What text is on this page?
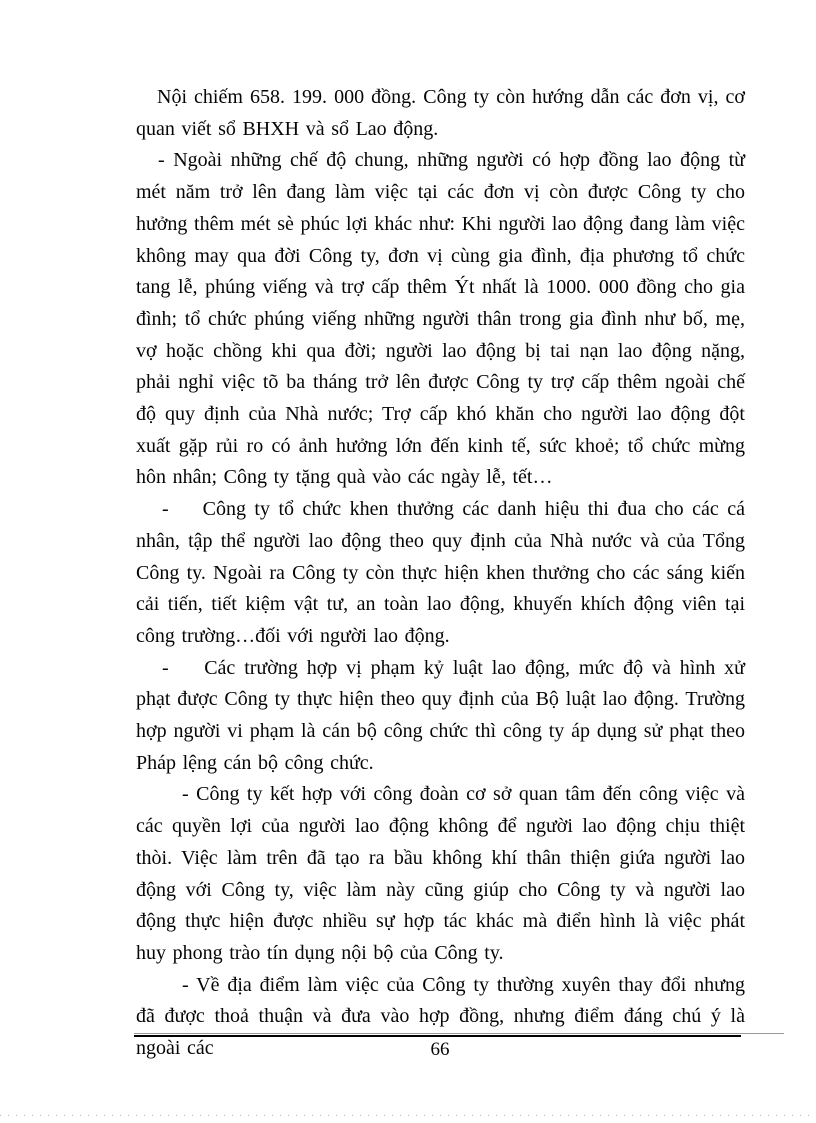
Nội chiếm 658. 199. 000 đồng. Công ty còn hướng dẫn các đơn vị, cơ quan viết sổ BHXH và sổ Lao động.

- Ngoài những chế độ chung, những người có hợp đồng lao động từ mét năm trở lên đang làm việc tại các đơn vị còn được Công ty cho hưởng thêm mét sè phúc lợi khác như: Khi người lao động đang làm việc không may qua đời Công ty, đơn vị cùng gia đình, địa phương tổ chức tang lễ, phúng viếng và trợ cấp thêm Ýt nhất là 1000. 000 đồng cho gia đình; tổ chức phúng viếng những người thân trong gia đình như bố, mẹ, vợ hoặc chồng khi qua đời; người lao động bị tai nạn lao động nặng, phải nghỉ việc tõ ba tháng trở lên được Công ty trợ cấp thêm ngoài chế độ quy định của Nhà nước; Trợ cấp khó khăn cho người lao động đột xuất gặp rủi ro có ảnh hưởng lớn đến kinh tế, sức khoẻ; tổ chức mừng hôn nhân; Công ty tặng quà vào các ngày lễ, tết…

-    Công ty tổ chức khen thưởng các danh hiệu thi đua cho các cá nhân, tập thể người lao động theo quy định của Nhà nước và của Tổng Công ty. Ngoài ra Công ty còn thực hiện khen thưởng cho các sáng kiến cải tiến, tiết kiệm vật tư, an toàn lao động, khuyến khích động viên tại công trường…đối với người lao động.

-    Các trường hợp vị phạm kỷ luật lao động, mức độ và hình xử phạt được Công ty thực hiện theo quy định của Bộ luật lao động. Trường hợp người vi phạm là cán bộ công chức thì công ty áp dụng sử phạt theo Pháp lệng cán bộ công chức.

- Công ty kết hợp với công đoàn cơ sở quan tâm đến công việc và các quyền lợi của người lao động không để người lao động chịu thiệt thòi. Việc làm trên đã tạo ra bầu không khí thân thiện giứa người lao động với Công ty, việc làm này cũng giúp cho Công ty và người lao động thực hiện được nhiều sự hợp tác khác mà điển hình là việc phát huy phong trào tín dụng nội bộ của Công ty.

- Về địa điểm làm việc của Công ty thường xuyên thay đổi nhưng đã được thoả thuận và đưa vào hợp đồng, nhưng điểm đáng chú ý là ngoài các	66
